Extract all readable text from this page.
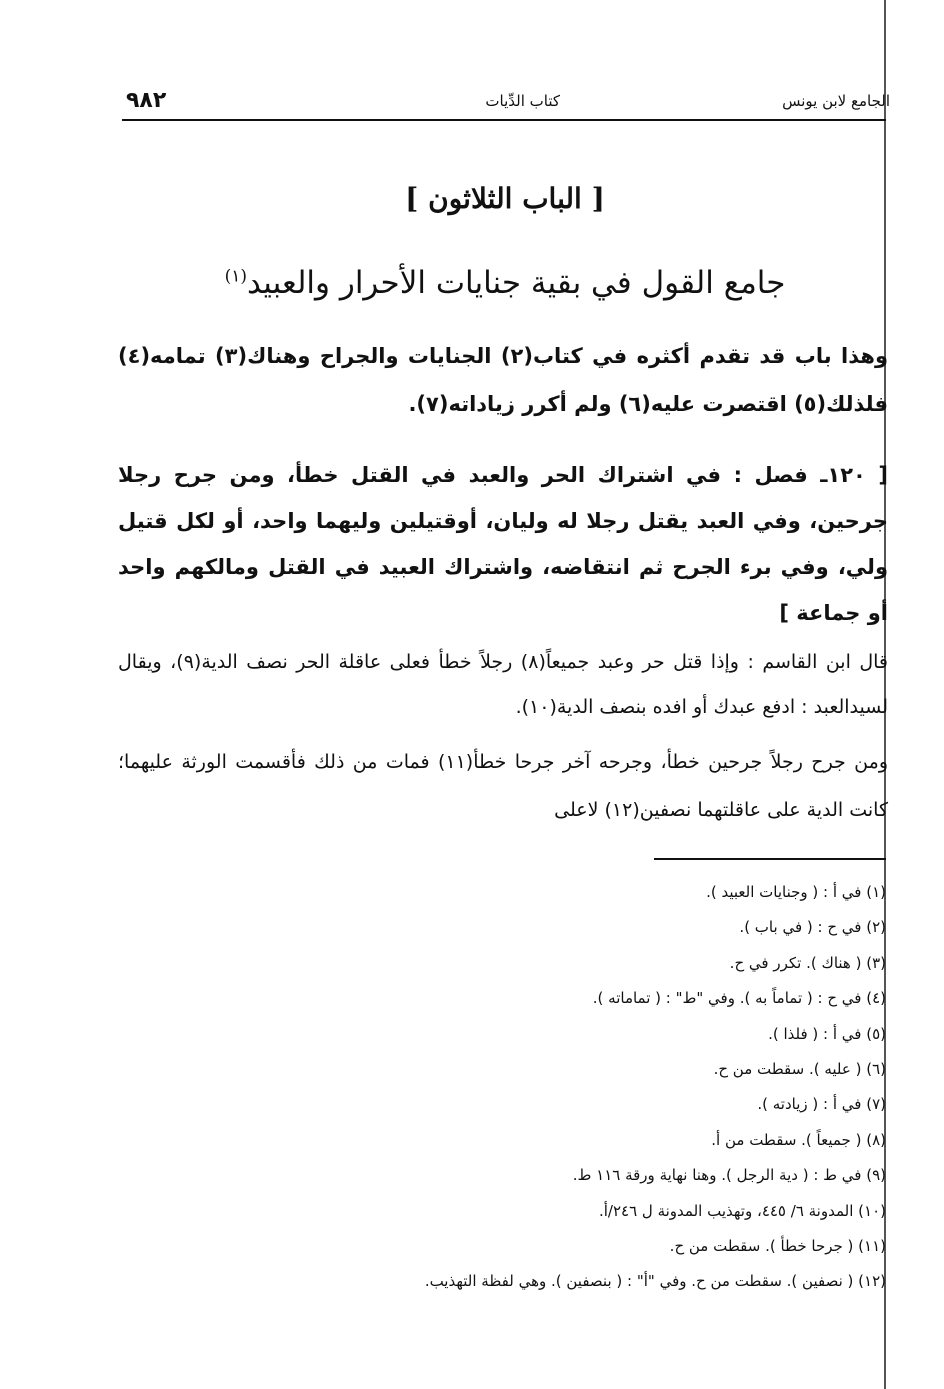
الجامع لابن يونس
كتاب الدِّيات
٩٨٢
[ الباب الثلاثون ]
جامع القول في بقية جنايات الأحرار والعبيد$^{(١)}$

وهذا باب قد تقدم أكثره في كتاب(٢) الجنايات والجراح وهناك(٣) تمامه(٤) فلذلك(٥) اقتصرت عليه(٦) ولم أكرر زياداته(٧).

[ ١٢٠ـ فصل : في اشتراك الحر والعبد في القتل خطأ، ومن جرح رجلا جرحين، وفي العبد يقتل رجلا له وليان، أوقتيلين وليهما واحد، أو لكل قتيل ولي، وفي برء الجرح ثم انتقاضه، واشتراك العبيد في القتل ومالكهم واحد أو جماعة ]

قال ابن القاسم : وإذا قتل حر وعبد جميعاً(٨) رجلاً خطأ فعلى عاقلة الحر نصف الدية(٩)، ويقال لسيدالعبد : ادفع عبدك أو افده بنصف الدية(١٠).

ومن جرح رجلاً جرحين خطأ، وجرحه آخر جرحا خطأ(١١) فمات من ذلك فأقسمت الورثة عليهما؛ كانت الدية على عاقلتهما نصفين(١٢) لاعلى

(١) في أ : ( وجنايات العبيد ).
(٢) في ح : ( في باب ).
(٣) ( هناك ). تكرر في ح.
(٤) في ح : ( تماماً به ). وفي "ط" : ( تماماته ).
(٥) في أ : ( فلذا ).
(٦) ( عليه ). سقطت من ح.
(٧) في أ : ( زيادته ).
(٨) ( جميعاً ). سقطت من أ.
(٩) في ط : ( دية الرجل ). وهنا نهاية ورقة ١١٦ ط.
(١٠) المدونة ٦/ ٤٤٥، وتهذيب المدونة ل ٢٤٦/أ.
(١١) ( جرحا خطأ ). سقطت من ح.
(١٢) ( نصفين ). سقطت من ح. وفي "أ" : ( بنصفين ). وهي لفظة التهذيب.
